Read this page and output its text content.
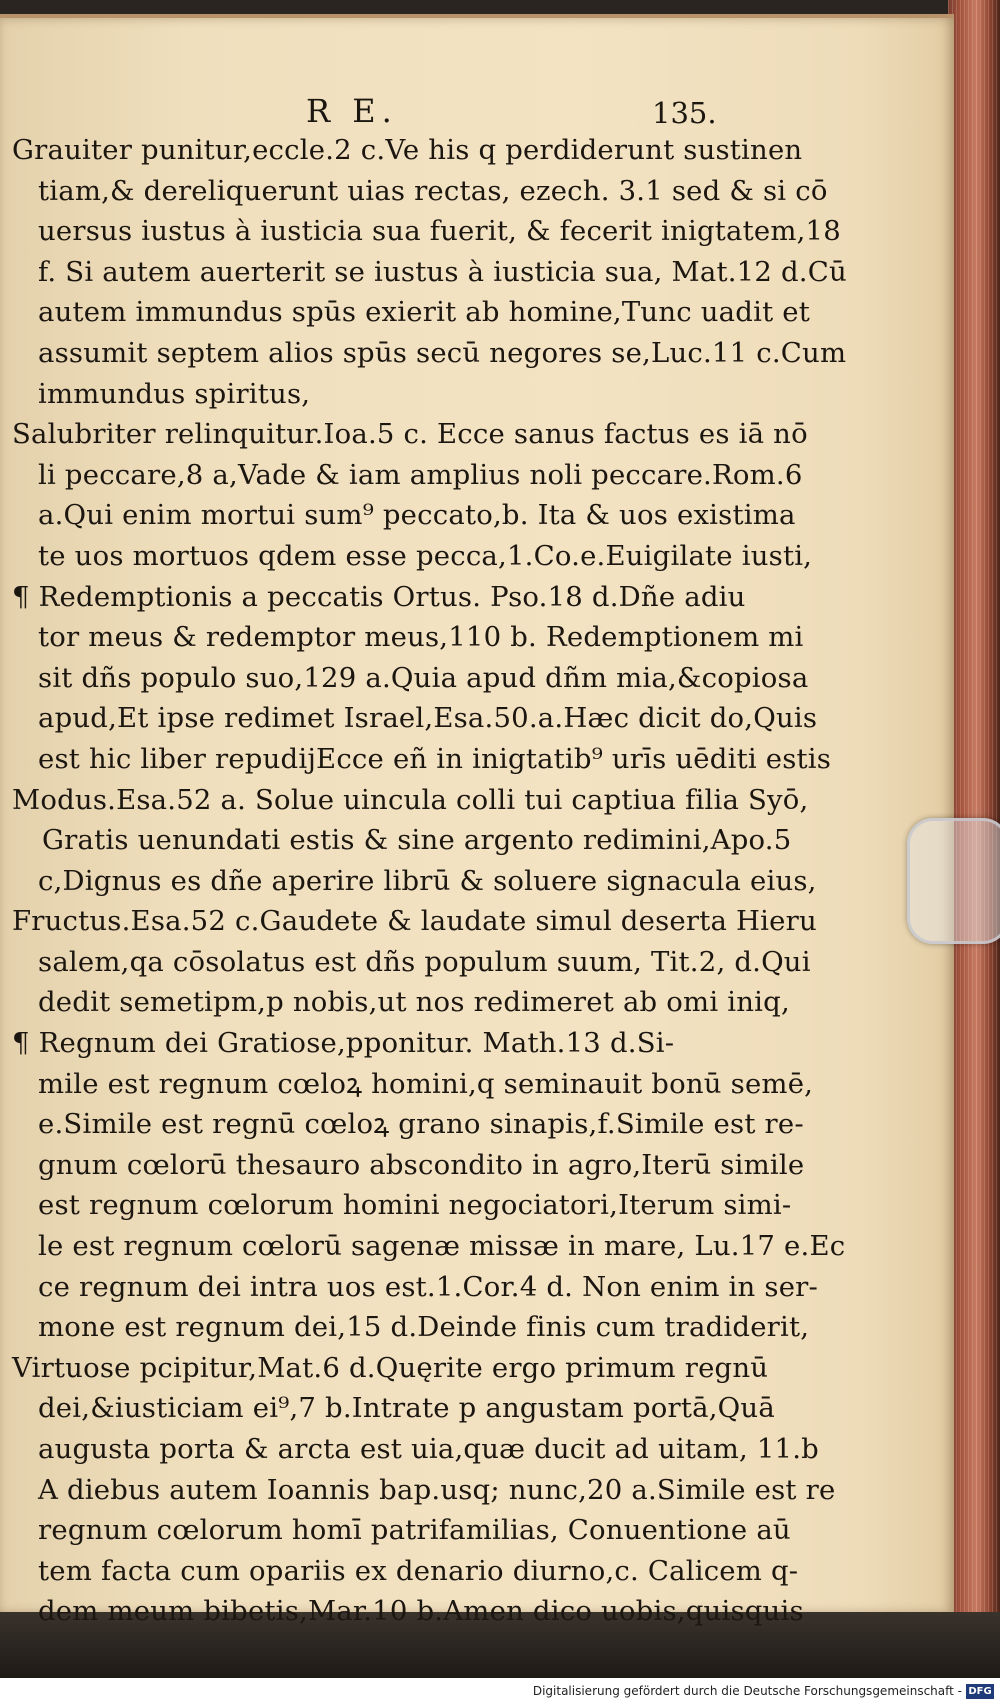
R E.	135.
Grauiter punitur,eccle.2 c.Ve his q perdiderunt sustinen
tiam,& dereliquerunt uias rectas, ezech. 3.1 sed & si cō
uersus iustus à iusticia sua fuerit, & fecerit inigtatem,18
f. Si autem auerterit se iustus à iusticia sua, Mat.12 d.Cū
autem immundus spūs exierit ab homine,Tunc uadit et
assumit septem alios spūs secū negores se,Luc.11 c.Cum
immundus spiritus,
Salubriter relinquitur.Ioa.5 c. Ecce sanus factus es iā nō
li peccare,8 a,Vade & iam amplius noli peccare.Rom.6
a.Qui enim mortui sum⁹ peccato,b. Ita & uos existima
te uos mortuos qdem esse pecca,1.Co.e.Euigilate iusti,
¶ Redemptionis a peccatis Ortus. Pso.18 d.Dñe adiu
tor meus & redemptor meus,110 b. Redemptionem mi
sit dñs populo suo,129 a.Quia apud dñm mia,&copiosa
apud,Et ipse redimet Israel,Esa.50.a.Hæc dicit do,Quis
est hic liber repudijEcce eñ in inigtatib⁹ urīs uēditi estis
Modus.Esa.52 a. Solue uincula colli tui captiua filia Syō,
Gratis uenundati estis & sine argento redimini,Apo.5
c,Dignus es dñe aperire librū & soluere signacula eius,
Fructus.Esa.52 c.Gaudete & laudate simul deserta Hieru
salem,qa cōsolatus est dñs populum suum, Tit.2, d.Qui
dedit semetipm,p nobis,ut nos redimeret ab omi iniq,
¶ Regnum dei Gratiose,pponitur. Math.13 d.Si-
mile est regnum cœloꝝ homini,q seminauit bonū semē,
e.Simile est regnū cœloꝝ grano sinapis,f.Simile est re-
gnum cœlorū thesauro abscondito in agro,Iterū simile
est regnum cœlorum homini negociatori,Iterum simi-
le est regnum cœlorū sagenæ missæ in mare, Lu.17 e.Ec
ce regnum dei intra uos est.1.Cor.4 d. Non enim in ser-
mone est regnum dei,15 d.Deinde finis cum tradiderit,
Virtuose pcipitur,Mat.6 d.Quęrite ergo primum regnū
dei,&iusticiam ei⁹,7 b.Intrate p angustam portā,Quā
augusta porta & arcta est uia,quæ ducit ad uitam, 11.b
A diebus autem Ioannis bap.usq; nunc,20 a.Simile est re
regnum cœlorum homī patrifamilias, Conuentione aū
tem facta cum opariis ex denario diurno,c. Calicem q-
dem meum bibetis,Mar.10 b.Amen dico uobis,quisquis
Digitalisierung gefördert durch die Deutsche Forschungsgemeinschaft - DFG
